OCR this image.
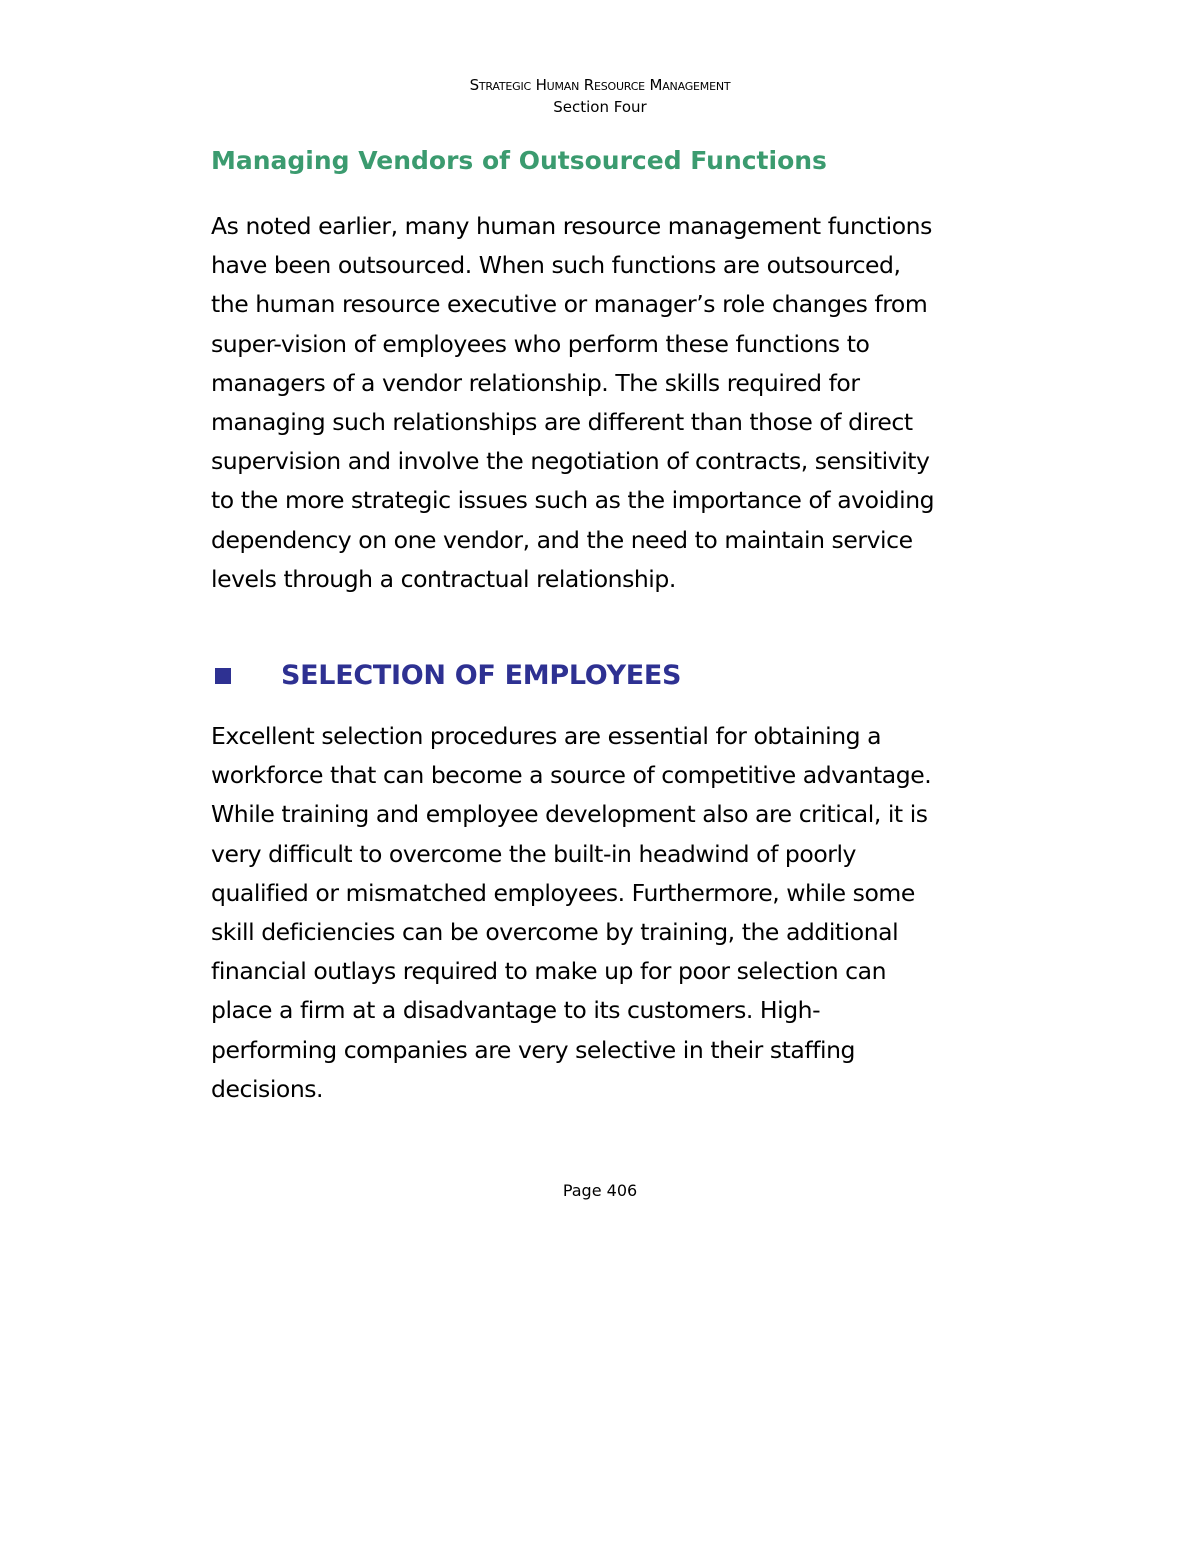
Strategic Human Resource Management
Section Four
Managing Vendors of Outsourced Functions

As noted earlier, many human resource management functions
have been outsourced. When such functions are outsourced,
the human resource executive or manager’s role changes from
super-vision of employees who perform these functions to
managers of a vendor relationship. The skills required for
managing such relationships are different than those of direct
supervision and involve the negotiation of contracts, sensitivity
to the more strategic issues such as the importance of avoiding
dependency on one vendor, and the need to maintain service
levels through a contractual relationship.

SELECTION OF EMPLOYEES

Excellent selection procedures are essential for obtaining a
workforce that can become a source of competitive advantage.
While training and employee development also are critical, it is
very difficult to overcome the built-in headwind of poorly
qualified or mismatched employees. Furthermore, while some
skill deficiencies can be overcome by training, the additional
financial outlays required to make up for poor selection can
place a firm at a disadvantage to its customers. High-
performing companies are very selective in their staffing
decisions.

Page 406
